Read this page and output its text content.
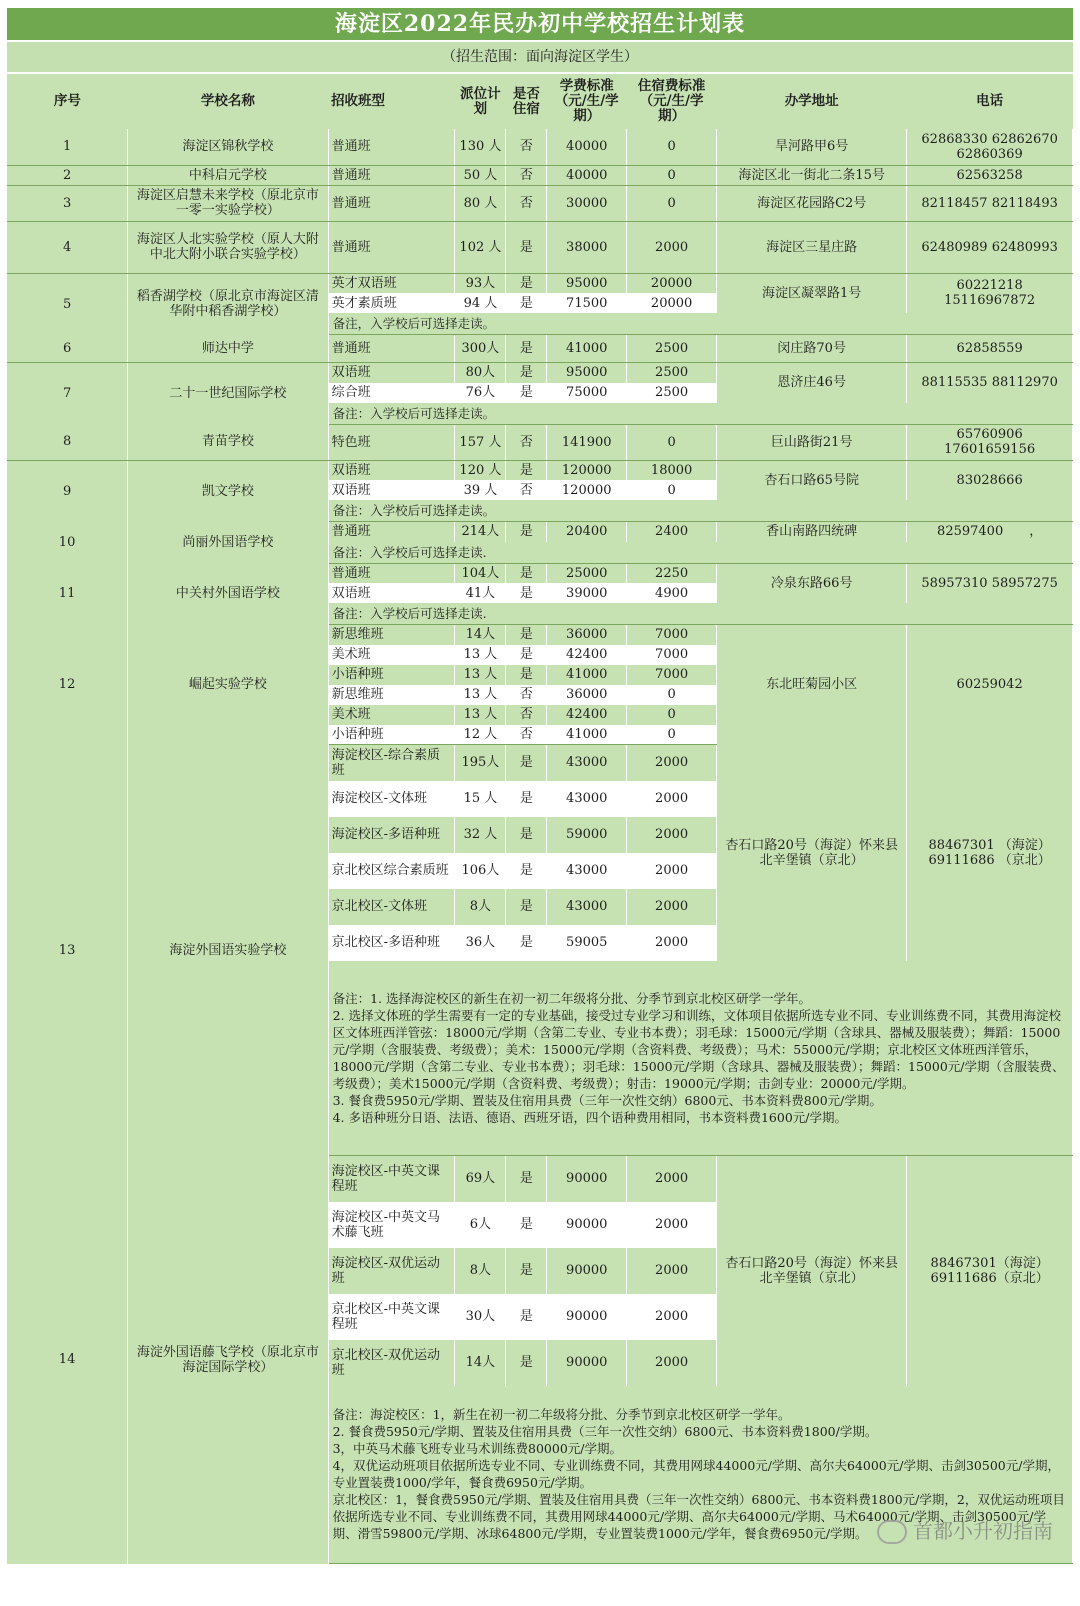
海淀区2022年民办初中学校招生计划表
（招生范围：面向海淀区学生）
序号	学校名称	招收班型	派位计划	是否住宿	学费标准（元/生/学期）	住宿费标准（元/生/学 期）	办学地址	电话
1	海淀区锦秋学校	普通班	130 人	否	40000	0	旱河路甲6号	62868330 62862670 62860369
2	中科启元学校	普通班	50 人	否	40000	0	海淀区北一街北二条15号	62563258
3	海淀区启慧未来学校（原北京市一零一实验学校）	普通班	80 人	否	30000	0	海淀区花园路C2号	82118457 82118493
4	海淀区人北实验学校（原人大附中北大附小联合实验学校）	普通班	102 人	是	38000	2000	海淀区三星庄路	62480989 62480993
5	稻香湖学校（原北京市海淀区清华附中稻香湖学校）	英才双语班	93人	是	95000	20000	海淀区凝翠路1号	60221218 15116967872
		英才素质班	94 人	是	71500	20000		

		备注，入学校后可选择走读。						

6	师达中学	普通班	300人	是	41000	2500	闵庄路70号	62858559
7	二十一世纪国际学校	双语班	80人	是	95000	2500	恩济庄46号	88115535 88112970
		综合班	76人	是	75000	2500		

		备注：入学校后可选择走读。						

8	青苗学校	特色班	157 人	否	141900	0	巨山路街21号	65760906 17601659156
9	凯文学校	双语班	120 人	是	120000	18000	杏石口路65号院	83028666
		双语班	39 人	否	120000	0		

		备注：入学校后可选择走读。						

10	尚丽外国语学校	普通班	214人	是	20400	2400	香山南路四统碑	82597400　　，

		备注：入学校后可选择走读.						

11	中关村外国语学校	普通班	104人	是	25000	2250	冷泉东路66号	58957310 58957275
		双语班	41人	是	39000	4900		

		备注：入学校后可选择走读.						

12	崛起实验学校	新思维班	14人	是	36000	7000	东北旺菊园小区	60259042
		美术班	13 人	是	42400	7000		
		小语种班	13 人	是	41000	7000		
		新思维班	13 人	否	36000	0		
		美术班	13 人	否	42400	0		
		小语种班	12 人	否	41000	0		
13	海淀外国语实验学校	海淀校区-综合素质班	195人	是	43000	2000	杏石口路20号（海淀）怀来县北辛堡镇（京北）	88467301 （海淀）69111686 （京北）
		海淀校区-文体班	15 人	是	43000	2000		
		海淀校区-多语种班	32 人	是	59000	2000		
		京北校区综合素质班	106人	是	43000	2000		
		京北校区-文体班	8人	是	43000	2000		
		京北校区-多语种班	36人	是	59005	2000		

		备注：1. 选择海淀校区的新生在初一初二年级将分批、分季节到京北校区研学一学年。
2. 选择文体班的学生需要有一定的专业基础，接受过专业学习和训练，文体项目依据所选专业不同、专业训练费不同，其费用海淀校区文体班西洋管弦：18000元/学期（含第二专业、专业书本费）；羽毛球：15000元/学期（含球具、器械及服装费）；舞蹈：15000元/学期（含服装费、考级费）；美术：15000元/学期（含资料费、考级费）；马术：55000元/学期；京北校区文体班西洋管乐，18000元/学期（含第二专业、专业书本费）；羽毛球：15000元/学期（含球具、器械及服装费）；舞蹈：15000元/学期（含服装费、考级费）；美术15000元/学期（含资料费、考级费）；射击：19000元/学期；击剑专业：20000元/学期。
3. 餐食费5950元/学期、置装及住宿用具费（三年一次性交纳）6800元、书本资料费800元/学期。
4. 多语种班分日语、法语、德语、西班牙语，四个语种费用相同，书本资料费1600元/学期。						

14	海淀外国语藤飞学校（原北京市海淀国际学校）	海淀校区-中英文课程班	69人	是	90000	2000	杏石口路20号（海淀）怀来县北辛堡镇（京北）	88467301（海淀）69111686（京北）
		海淀校区-中英文马术藤飞班	6人	是	90000	2000		
		海淀校区-双优运动班	8人	是	90000	2000		
		京北校区-中英文课程班	30人	是	90000	2000		
		京北校区-双优运动班	14人	是	90000	2000		

		备注：海淀校区：1，新生在初一初二年级将分批、分季节到京北校区研学一学年。
2. 餐食费5950元/学期、置装及住宿用具费（三年一次性交纳）6800元、书本资料费1800/学期。
3，中英马术藤飞班专业马术训练费80000元/学期。
4，双优运动班项目依据所选专业不同、专业训练费不同，其费用网球44000元/学期、高尔夫64000元/学期、击剑30500元/学期，专业置装费1000/学年，餐食费6950元/学期。
京北校区：1，餐食费5950元/学期、置装及住宿用具费（三年一次性交纳）6800元、书本资料费1800元/学期，2，双优运动班项目依据所选专业不同、专业训练费不同，其费用网球44000元/学期、高尔夫64000元/学期、马术64000元/学期、击剑30500元/学期、滑雪59800元/学期、冰球64800元/学期，专业置装费1000元/学年，餐食费6950元/学期。							首都小升初指南
